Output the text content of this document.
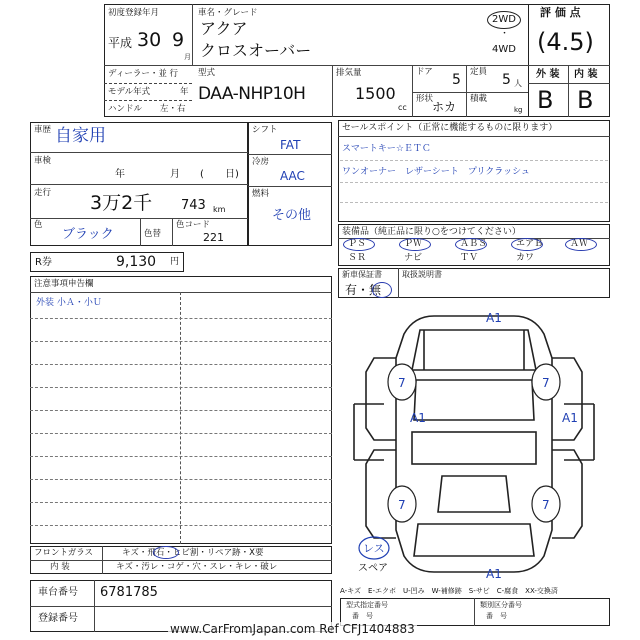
初度登録年月
平成 30 9
月
ディーラー・並 行
モデル年式	年
ハンドル 左・右
車名・グレード
アクア
クロスオーバー
2WD
・
4WD
型式
DAA-NHP10H
排気量
1500
cc
ドア 5 定員 5 人
形状
ホカ
積載
kg
評 価 点
(4.5)
外 装 内 装
B B
車歴 自家用
車検
年	月 ( 日)
走行 3万2千 743 km
色
ブラック	色替
色コード
221
シフト
FAT
冷房
AAC
燃料
その他
R券	9,130 円
セールスポイント（正常に機能するものに限ります）
スマートキー☆ＥＴＣ
ワンオーナー　レザーシート　プリクラッシュ
装備品（純正品に限り○をつけてください）
ＰＳ	ＰＷ	ＡＢＳ	エアＢ	ＡＷ
ＳＲ	ナビ	ＴＶ	カワ
新車保証書
有・無
取扱説明書
注意事項申告欄
外装 小Ａ・小Ｕ
フロントガラス	キズ・飛石・ヒビ割・リペア跡・X要
内 装	キズ・汚レ・コゲ・穴・スレ・キレ・破レ
車台番号 6781785
登録番号
A1
A1
A1	A1
7	7
7	7
レス
スペア
A-キズ　E-エクボ　U-凹み　W-補修跡　S-サビ　C-腐食　XX-交換済
型式指定番号
番　号
類別区分番号
番　号
www.CarFromJapan.com Ref CFJ1404883
